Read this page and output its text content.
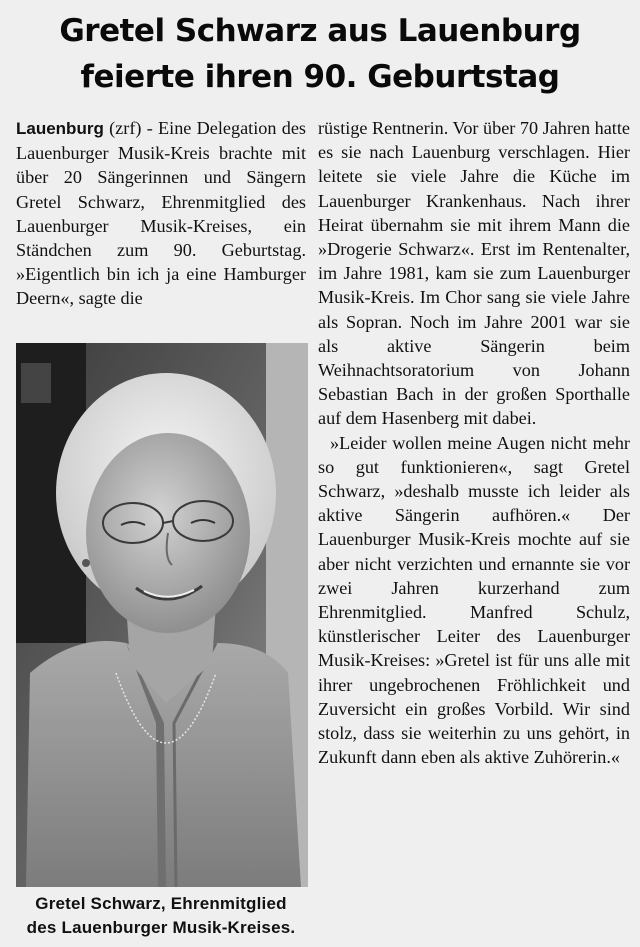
Gretel Schwarz aus Lauenburg
feierte ihren 90. Geburtstag

Lauenburg (zrf) - Eine Delegation des Lauenburger Musik-Kreis brachte mit über 20 Sängerinnen und Sängern Gretel Schwarz, Ehrenmitglied des Lauenburger Musik-Kreises, ein Ständchen zum 90. Geburtstag. »Eigentlich bin ich ja eine Hamburger Deern«, sagte die

Gretel Schwarz, Ehrenmitglied
des Lauenburger Musik-Kreises.

rüstige Rentnerin. Vor über 70 Jahren hatte es sie nach Lauenburg verschlagen. Hier leitete sie viele Jahre die Küche im Lauenburger Krankenhaus. Nach ihrer Heirat übernahm sie mit ihrem Mann die »Drogerie Schwarz«. Erst im Rentenalter, im Jahre 1981, kam sie zum Lauenburger Musik-Kreis. Im Chor sang sie viele Jahre als Sopran. Noch im Jahre 2001 war sie als aktive Sängerin beim Weihnachtsoratorium von Johann Sebastian Bach in der großen Sporthalle auf dem Hasenberg mit dabei.

»Leider wollen meine Augen nicht mehr so gut funktionieren«, sagt Gretel Schwarz, »deshalb musste ich leider als aktive Sängerin aufhören.« Der Lauenburger Musik-Kreis mochte auf sie aber nicht verzichten und ernannte sie vor zwei Jahren kurzerhand zum Ehrenmitglied. Manfred Schulz, künstlerischer Leiter des Lauenburger Musik-Kreises: »Gretel ist für uns alle mit ihrer ungebrochenen Fröhlichkeit und Zuversicht ein großes Vorbild. Wir sind stolz, dass sie weiterhin zu uns gehört, in Zukunft dann eben als aktive Zuhörerin.«
